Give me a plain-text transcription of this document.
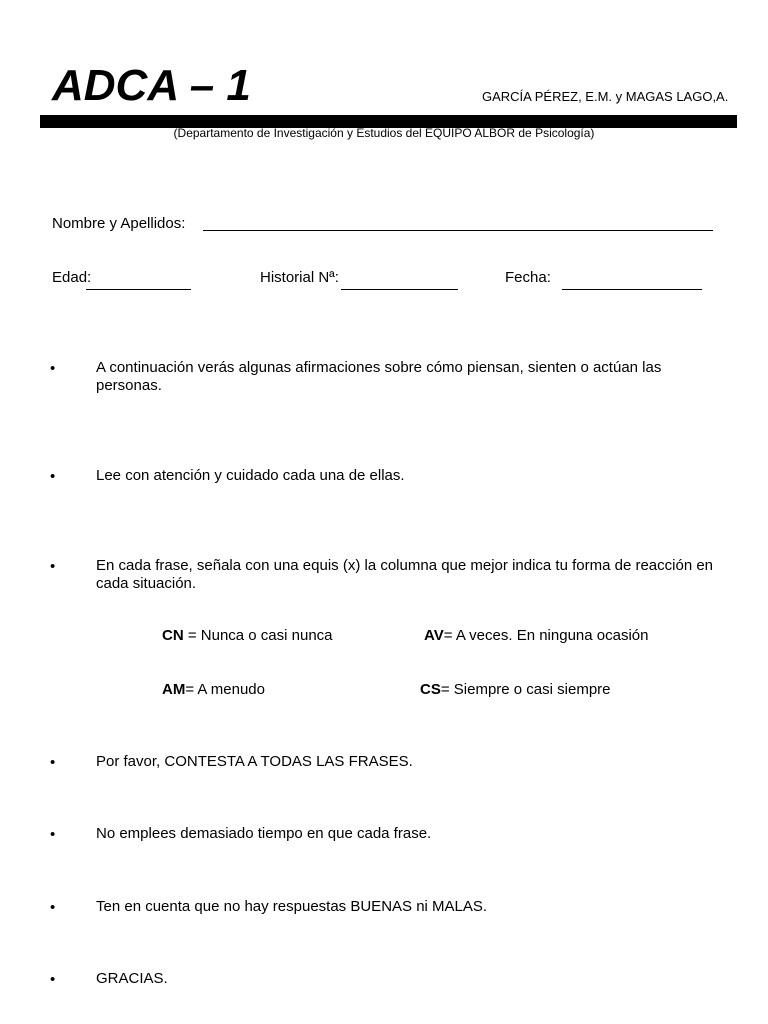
ADCA – 1	GARCÍA PÉREZ, E.M. y MAGAS LAGO,A.
(Departamento de Investigación y Estudios del EQUIPO ALBOR de Psicología)
Nombre y Apellidos:
Edad:	Historial Nª:	Fecha:
•	A continuación verás algunas afirmaciones sobre cómo piensan, sienten o actúan las personas.
•	Lee con atención y cuidado cada una de ellas.
•	En cada frase, señala con una equis (x) la columna que mejor indica tu forma de reacción en cada situación.
CN = Nunca o casi nunca	AV= A veces. En ninguna ocasión
AM= A menudo	CS= Siempre o casi siempre
•	Por favor, CONTESTA A TODAS LAS FRASES.
•	No emplees demasiado tiempo en que cada frase.
•	Ten en cuenta que no hay respuestas BUENAS ni MALAS.
•	GRACIAS.
